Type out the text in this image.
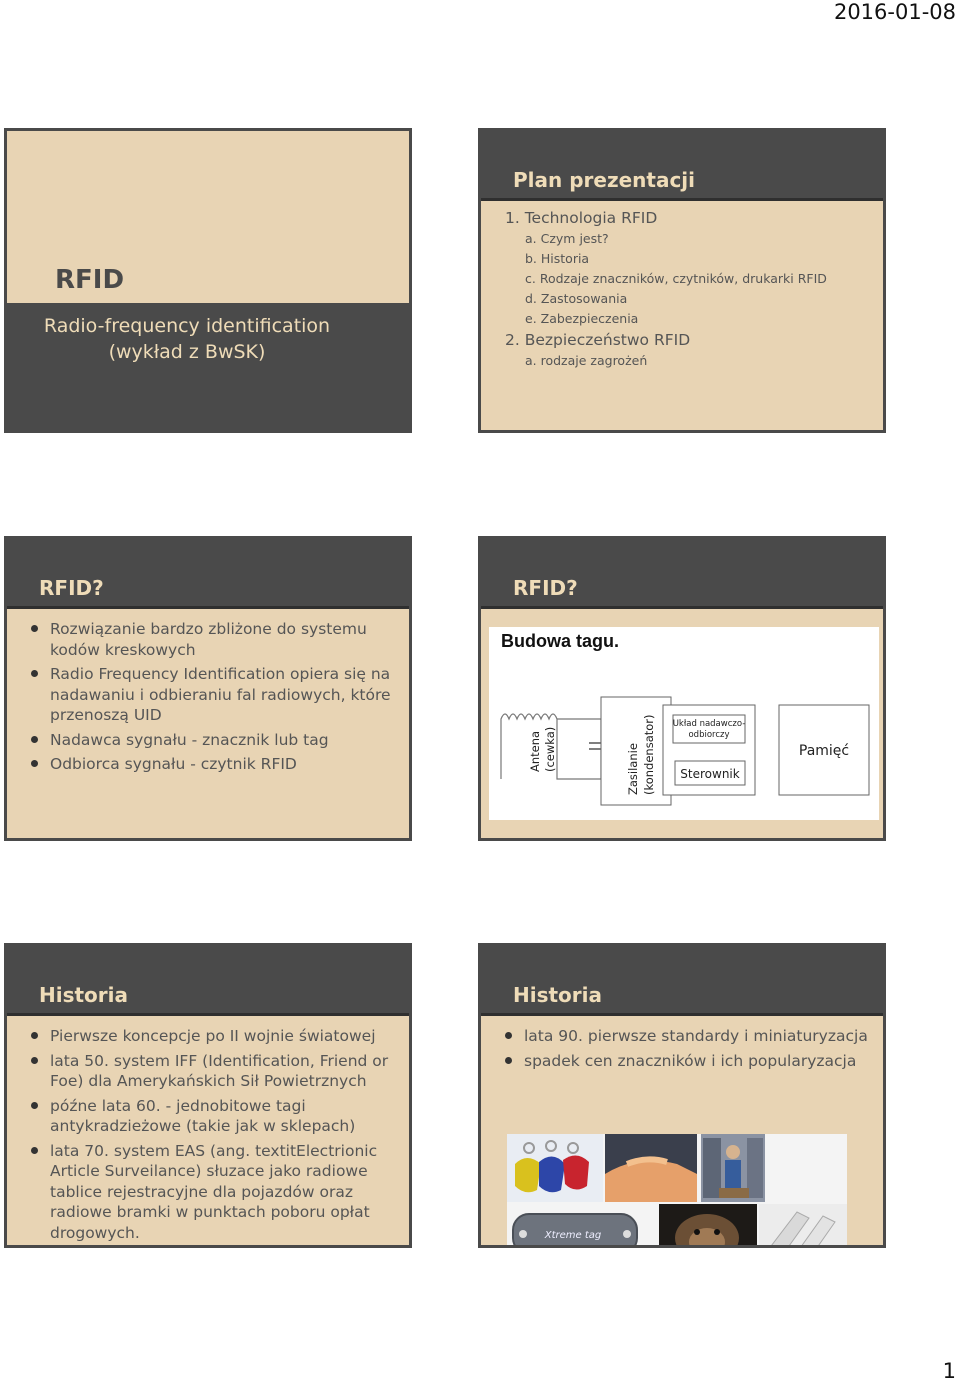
2016-01-08
RFID
Radio-frequency identification
(wykład z BwSK)
Plan prezentacji
1. Technologia RFID
a. Czym jest?
b. Historia
c. Rodzaje znaczników, czytników, drukarki RFID
d. Zastosowania
e. Zabezpieczenia
2. Bezpieczeństwo RFID
a. rodzaje zagrożeń
RFID?
Rozwiązanie bardzo zbliżone do systemu kodów kreskowych
Radio Frequency Identification opiera się na nadawaniu i odbieraniu fal radiowych, które przenoszą UID
Nadawca sygnału - znacznik lub tag
Odbiorca sygnału - czytnik RFID
RFID?
Budowa tagu.
Antena (cewka)	Zasilanie (kondensator) Układ nadawczo-
odbiorczy
Sterownik
Pamięć
Historia
Pierwsze koncepcje po II wojnie światowej
lata 50. system IFF (Identification, Friend or Foe) dla Amerykańskich Sił Powietrznych
późne lata 60. - jednobitowe tagi antykradzieżowe (takie jak w sklepach)
lata 70. system EAS (ang. textitElectrionic Article Surveilance) słuzace jako radiowe tablice rejestracyjne dla pojazdów oraz radiowe bramki w punktach poboru opłat drogowych.
Historia
lata 90. pierwsze standardy i miniaturyzacja
spadek cen znaczników i ich popularyzacja
Xtreme tag
1
